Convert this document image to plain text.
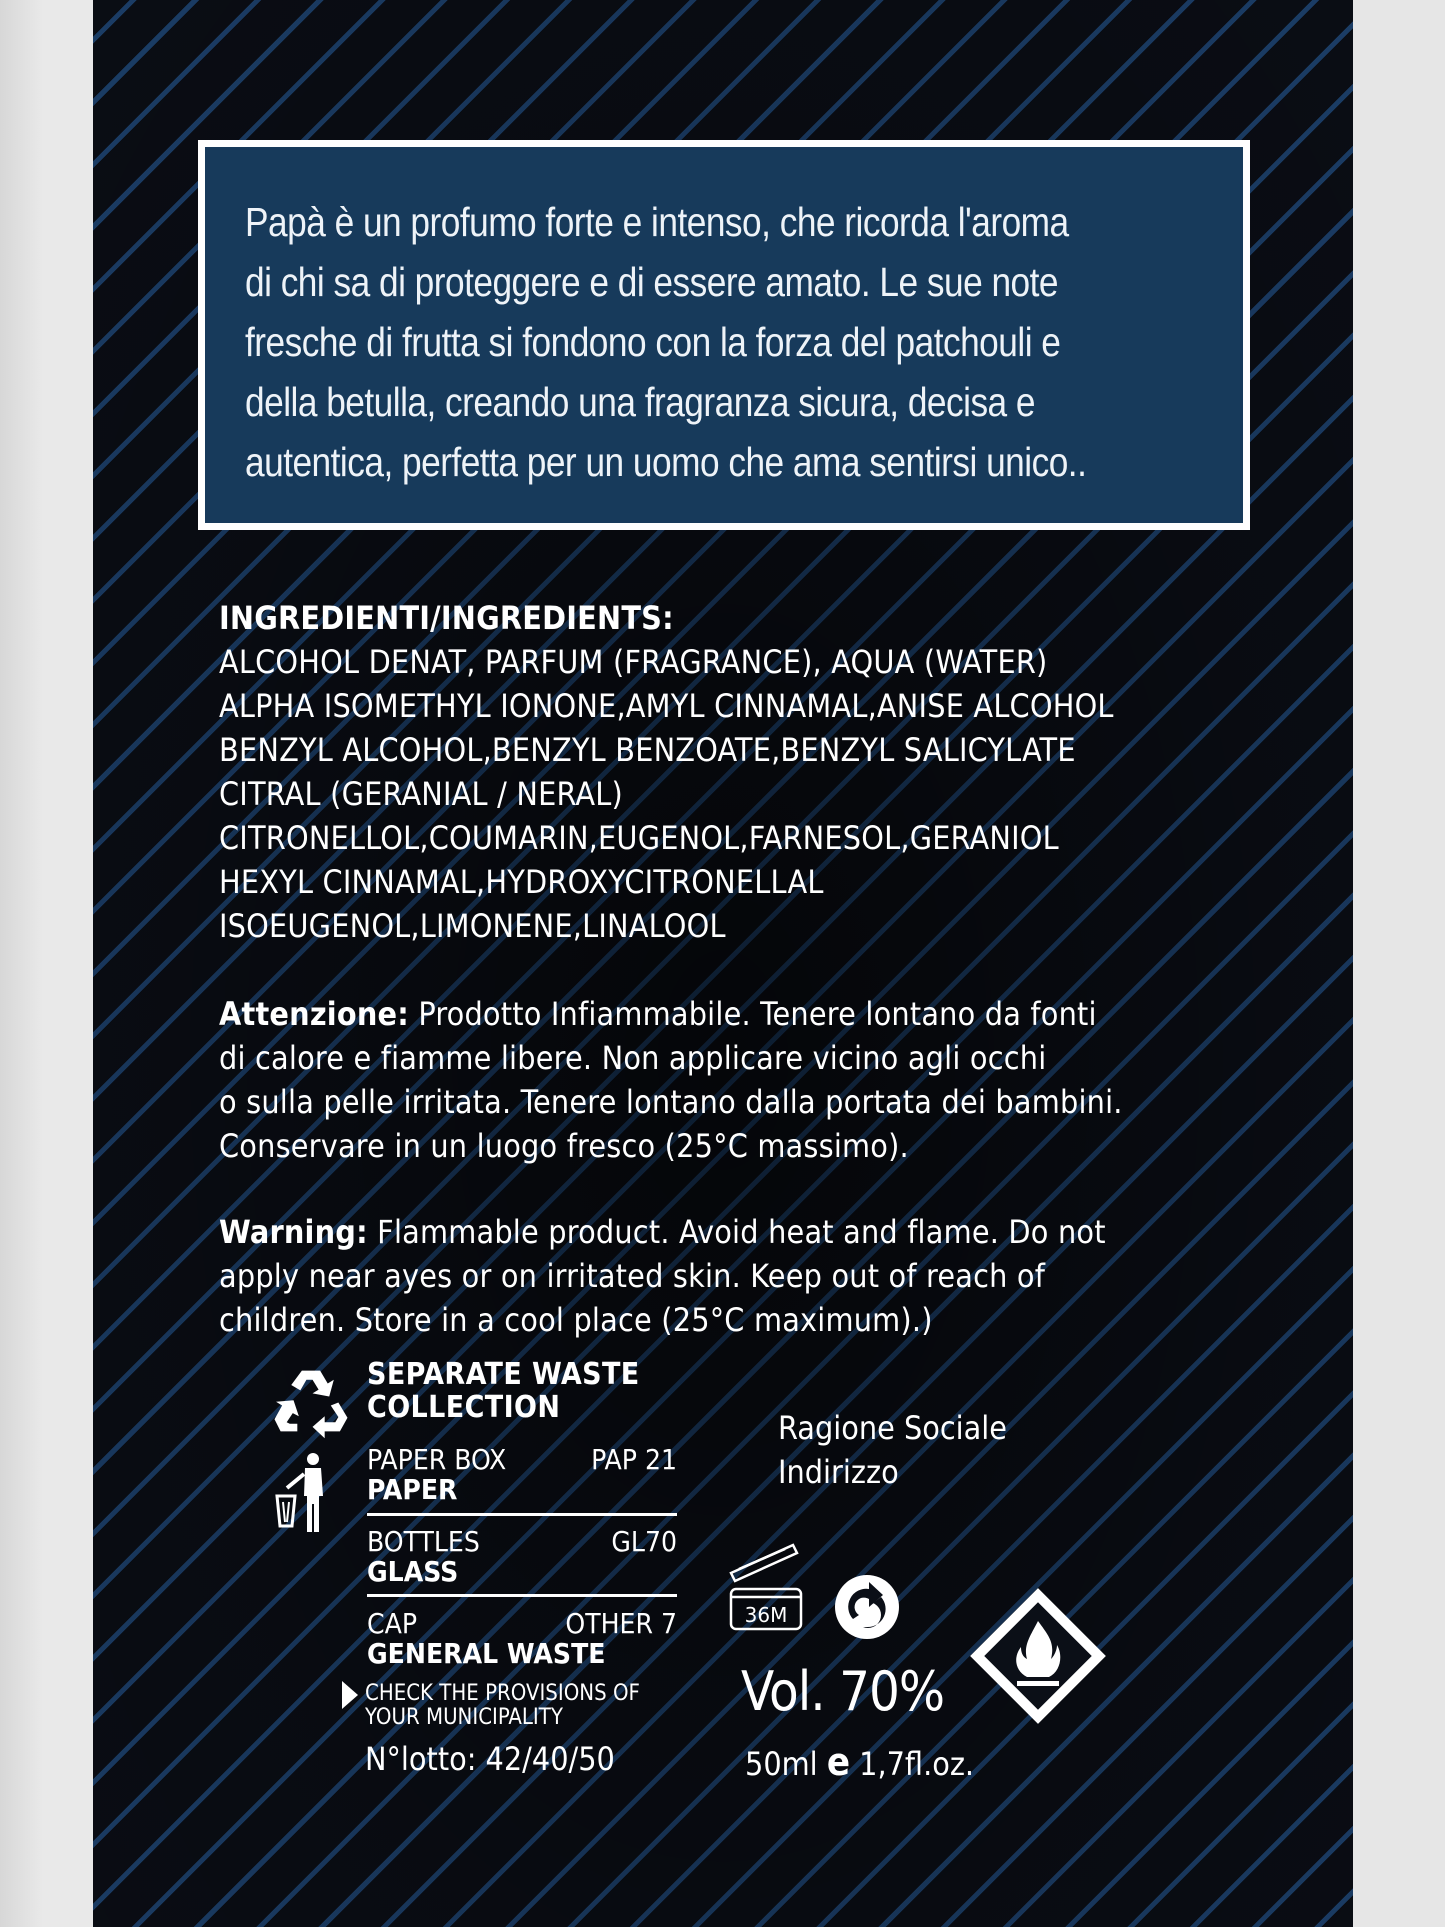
Papà è un profumo forte e intenso, che ricorda l'aroma
di chi sa di proteggere e di essere amato. Le sue note
fresche di frutta si fondono con la forza del patchouli e
della betulla, creando una fragranza sicura, decisa e
autentica, perfetta per un uomo che ama sentirsi unico..
INGREDIENTI/INGREDIENTS:
ALCOHOL DENAT, PARFUM (FRAGRANCE), AQUA (WATER)
ALPHA ISOMETHYL IONONE,AMYL CINNAMAL,ANISE ALCOHOL
BENZYL ALCOHOL,BENZYL BENZOATE,BENZYL SALICYLATE
CITRAL (GERANIAL / NERAL)
CITRONELLOL,COUMARIN,EUGENOL,FARNESOL,GERANIOL
HEXYL CINNAMAL,HYDROXYCITRONELLAL
ISOEUGENOL,LIMONENE,LINALOOL
Attenzione: Prodotto Infiammabile. Tenere lontano da fonti
di calore e fiamme libere. Non applicare vicino agli occhi
o sulla pelle irritata. Tenere lontano dalla portata dei bambini.
Conservare in un luogo fresco (25°C massimo).
Warning: Flammable product. Avoid heat and flame. Do not
apply near ayes or on irritated skin. Keep out of reach of
children. Store in a cool place (25°C maximum).)
SEPARATE WASTE
COLLECTION
PAPER BOX	PAP 21
PAPER
BOTTLES	GL70
GLASS
CAP	OTHER 7
GENERAL WASTE
CHECK THE PROVISIONS OF
YOUR MUNICIPALITY
N°lotto: 42/40/50
Ragione Sociale
Indirizzo
36M
Vol. 70%
50ml e 1,7fl.oz.
